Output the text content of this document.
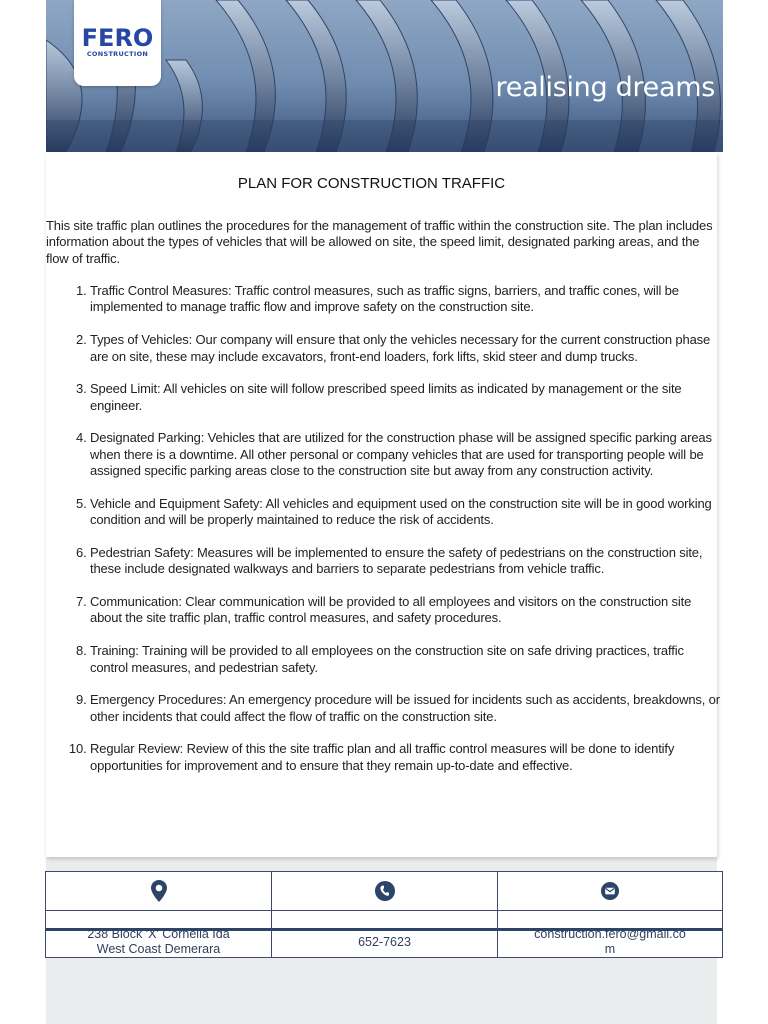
FERO
CONSTRUCTION
realising dreams
PLAN FOR CONSTRUCTION TRAFFIC

This site traffic plan outlines the procedures for the management of traffic within the construction site. The plan includes information about the types of vehicles that will be allowed on site, the speed limit, designated parking areas, and the flow of traffic.

1. Traffic Control Measures: Traffic control measures, such as traffic signs, barriers, and traffic cones, will be implemented to manage traffic flow and improve safety on the construction site.
2. Types of Vehicles: Our company will ensure that only the vehicles necessary for the current construction phase are on site, these may include excavators, front-end loaders, fork lifts, skid steer and dump trucks.
3. Speed Limit: All vehicles on site will follow prescribed speed limits as indicated by management or the site engineer.
4. Designated Parking: Vehicles that are utilized for the construction phase will be assigned specific parking areas when there is a downtime. All other personal or company vehicles that are used for transporting people will be assigned specific parking areas close to the construction site but away from any construction activity.
5. Vehicle and Equipment Safety: All vehicles and equipment used on the construction site will be in good working condition and will be properly maintained to reduce the risk of accidents.
6. Pedestrian Safety: Measures will be implemented to ensure the safety of pedestrians on the construction site, these include designated walkways and barriers to separate pedestrians from vehicle traffic.
7. Communication: Clear communication will be provided to all employees and visitors on the construction site about the site traffic plan, traffic control measures, and safety procedures.
8. Training: Training will be provided to all employees on the construction site on safe driving practices, traffic control measures, and pedestrian safety.
9. Emergency Procedures: An emergency procedure will be issued for incidents such as accidents, breakdowns, or other incidents that could affect the flow of traffic on the construction site.
10. Regular Review: Review of this the site traffic plan and all traffic control measures will be done to identify opportunities for improvement and to ensure that they remain up-to-date and effective.
238 Block 'X' Cornelia Ida
West Coast Demerara	652-7623
construction.fero@gmail.co
m
